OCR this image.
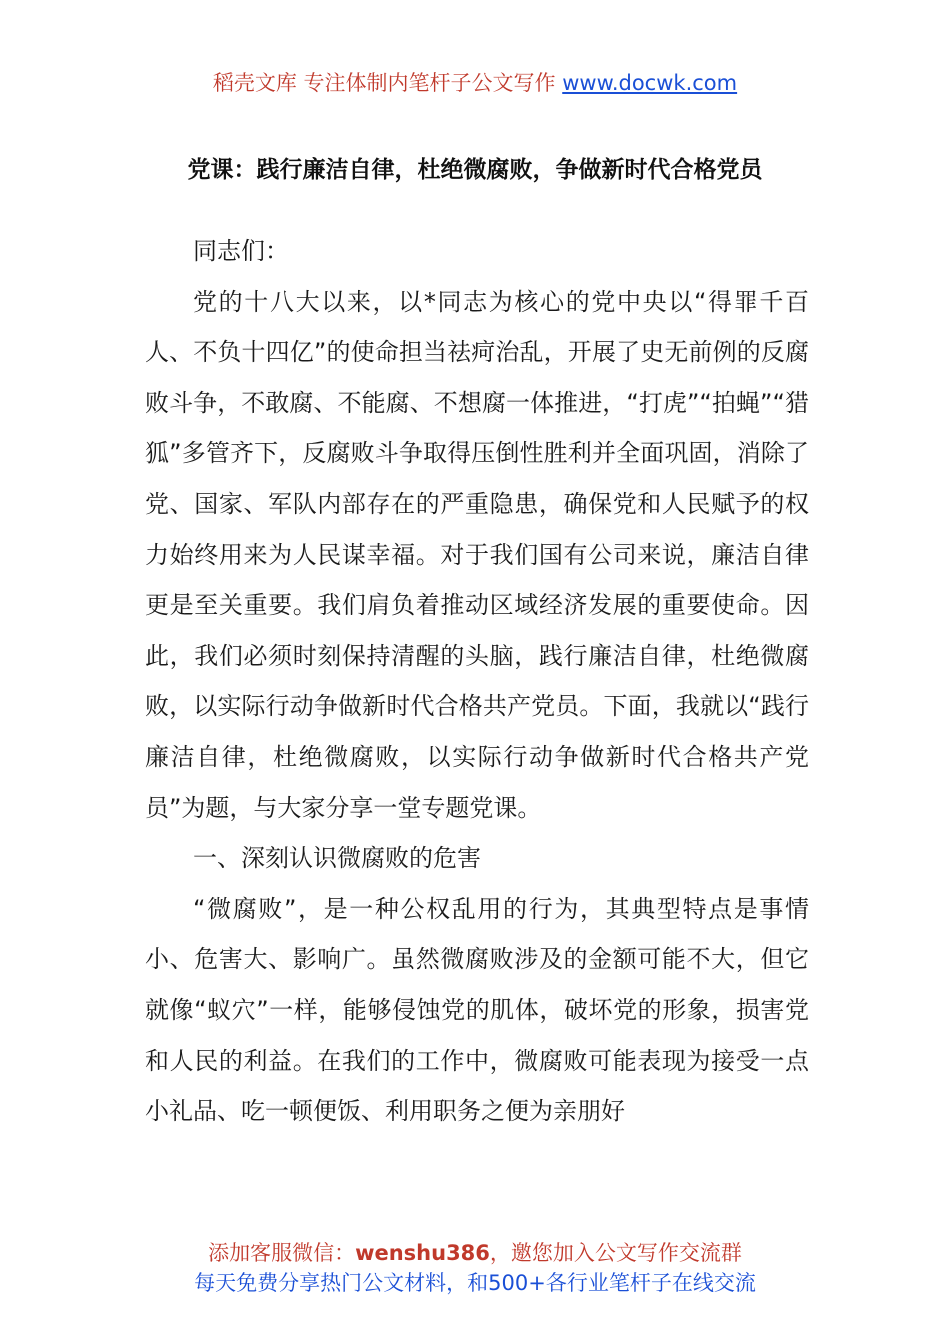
稻壳文库 专注体制内笔杆子公文写作 www.docwk.com
党课：践行廉洁自律，杜绝微腐败，争做新时代合格党员

同志们：

党的十八大以来，以*同志为核心的党中央以“得罪千百人、不负十四亿”的使命担当祛疴治乱，开展了史无前例的反腐败斗争，不敢腐、不能腐、不想腐一体推进，“打虎”“拍蝇”“猎狐”多管齐下，反腐败斗争取得压倒性胜利并全面巩固，消除了党、国家、军队内部存在的严重隐患，确保党和人民赋予的权力始终用来为人民谋幸福。对于我们国有公司来说，廉洁自律更是至关重要。我们肩负着推动区域经济发展的重要使命。因此，我们必须时刻保持清醒的头脑，践行廉洁自律，杜绝微腐败，以实际行动争做新时代合格共产党员。下面，我就以“践行廉洁自律，杜绝微腐败，以实际行动争做新时代合格共产党员”为题，与大家分享一堂专题党课。

一、深刻认识微腐败的危害

“微腐败”，是一种公权乱用的行为，其典型特点是事情小、危害大、影响广。虽然微腐败涉及的金额可能不大，但它就像“蚁穴”一样，能够侵蚀党的肌体，破坏党的形象，损害党和人民的利益。在我们的工作中，微腐败可能表现为接受一点小礼品、吃一顿便饭、利用职务之便为亲朋好

添加客服微信：wenshu386，邀您加入公文写作交流群
每天免费分享热门公文材料，和500+各行业笔杆子在线交流
